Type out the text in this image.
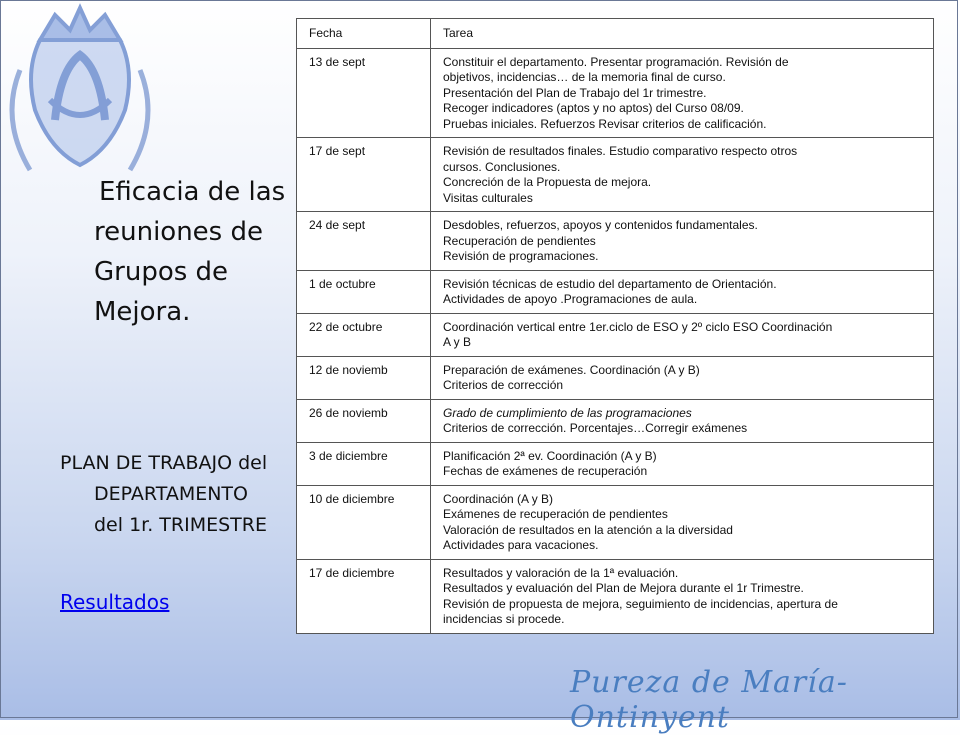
Eficacia de las
reuniones de
Grupos de
Mejora.
PLAN DE TRABAJO del
DEPARTAMENTO
del 1r. TRIMESTRE
Resultados
Fecha	Tarea
13 de sept	Constituir el departamento. Presentar programación. Revisión de
objetivos, incidencias… de la memoria final de curso.
Presentación del Plan de Trabajo del 1r trimestre.
Recoger indicadores (aptos y no aptos) del Curso 08/09.
Pruebas iniciales. Refuerzos Revisar criterios de calificación.

17 de sept	Revisión de resultados finales. Estudio comparativo respecto otros
cursos. Conclusiones.
Concreción de la Propuesta de mejora.
Visitas culturales

24 de sept	Desdobles, refuerzos, apoyos y contenidos fundamentales.
Recuperación de pendientes
Revisión de programaciones.

1 de octubre	Revisión técnicas de estudio del departamento de Orientación.
Actividades de apoyo .Programaciones de aula.

22 de octubre	Coordinación vertical entre 1er.ciclo de ESO y 2º ciclo ESO Coordinación
A y B

12 de noviemb	Preparación de exámenes. Coordinación (A y B)
Criterios de corrección

26 de noviemb	Grado de cumplimiento de las programaciones
Criterios de corrección. Porcentajes…Corregir exámenes

3 de diciembre	Planificación 2ª ev. Coordinación (A y B)
Fechas de exámenes de recuperación

10 de diciembre	Coordinación (A y B)
Exámenes de recuperación de pendientes
Valoración de resultados en la atención a la diversidad
Actividades para vacaciones.

17 de diciembre	Resultados y valoración de la 1ª evaluación.
Resultados y evaluación del Plan de Mejora durante el 1r Trimestre.
Revisión de propuesta de mejora, seguimiento de incidencias, apertura de
incidencias si procede.
Pureza de María-Ontinyent
